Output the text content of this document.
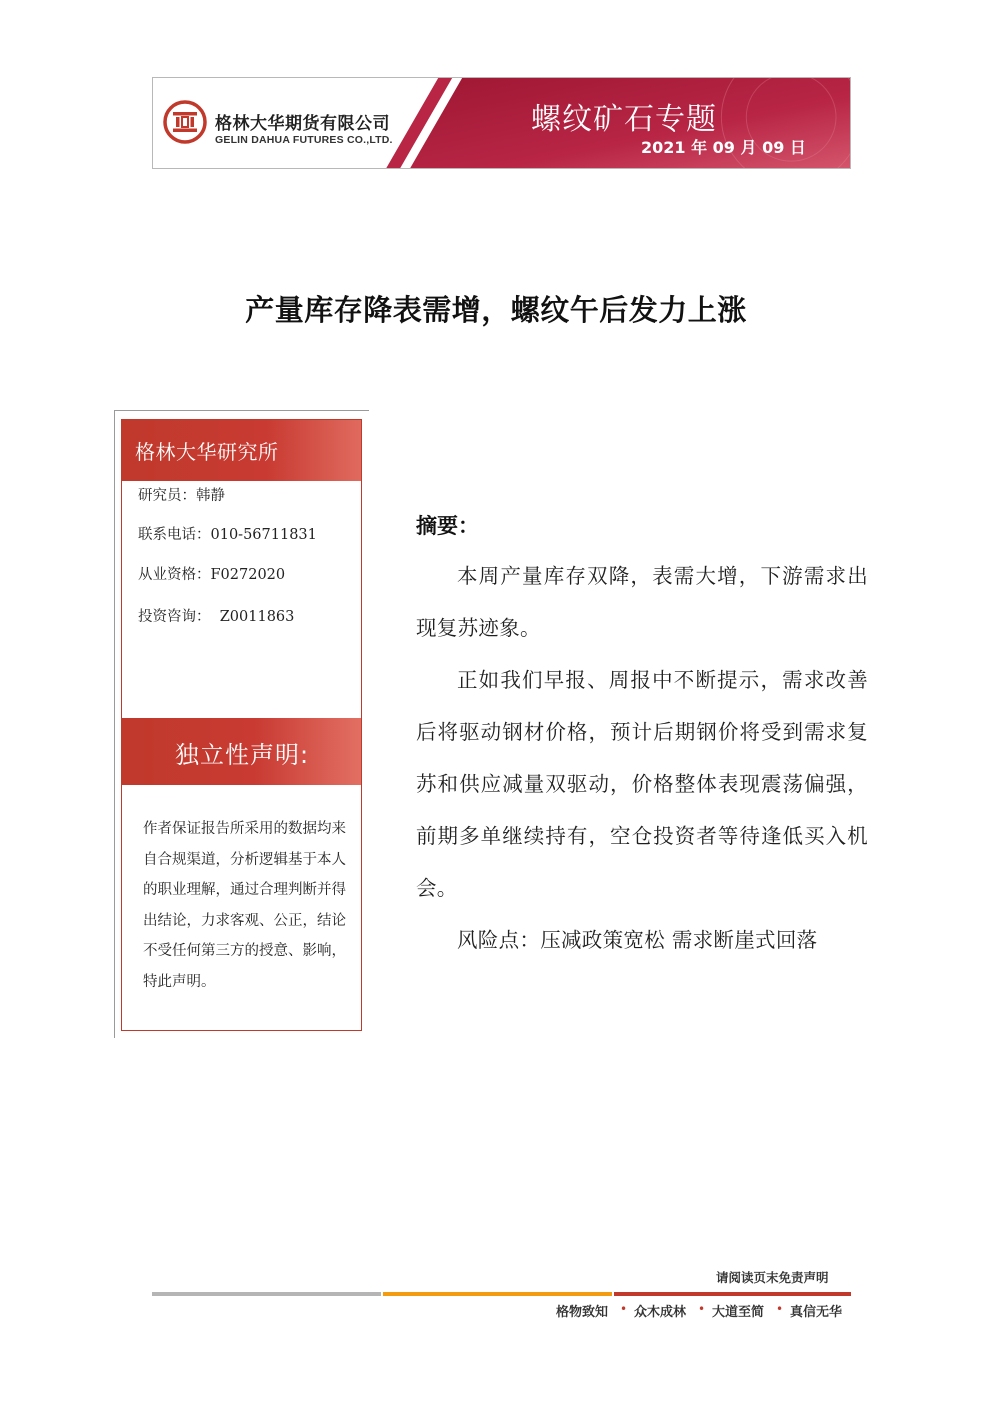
格林大华期货有限公司
GELIN DAHUA FUTURES CO.,LTD.
螺纹矿石专题
2021 年 09 月 09 日
产量库存降表需增，螺纹午后发力上涨
格林大华研究所
研究员：韩静
联系电话：010-56711831
从业资格：F0272020
投资咨询：  Z0011863
独立性声明:
作者保证报告所采用的数据均来自合规渠道，分析逻辑基于本人的职业理解，通过合理判断并得出结论，力求客观、公正，结论不受任何第三方的授意、影响，特此声明。
摘要：

本周产量库存双降，表需大增，下游需求出现复苏迹象。

正如我们早报、周报中不断提示，需求改善后将驱动钢材价格，预计后期钢价将受到需求复苏和供应减量双驱动，价格整体表现震荡偏强，前期多单继续持有，空仓投资者等待逢低买入机会。

风险点：压减政策宽松 需求断崖式回落

请阅读页末免责声明
格物致知 • 众木成林 • 大道至简 • 真信无华
